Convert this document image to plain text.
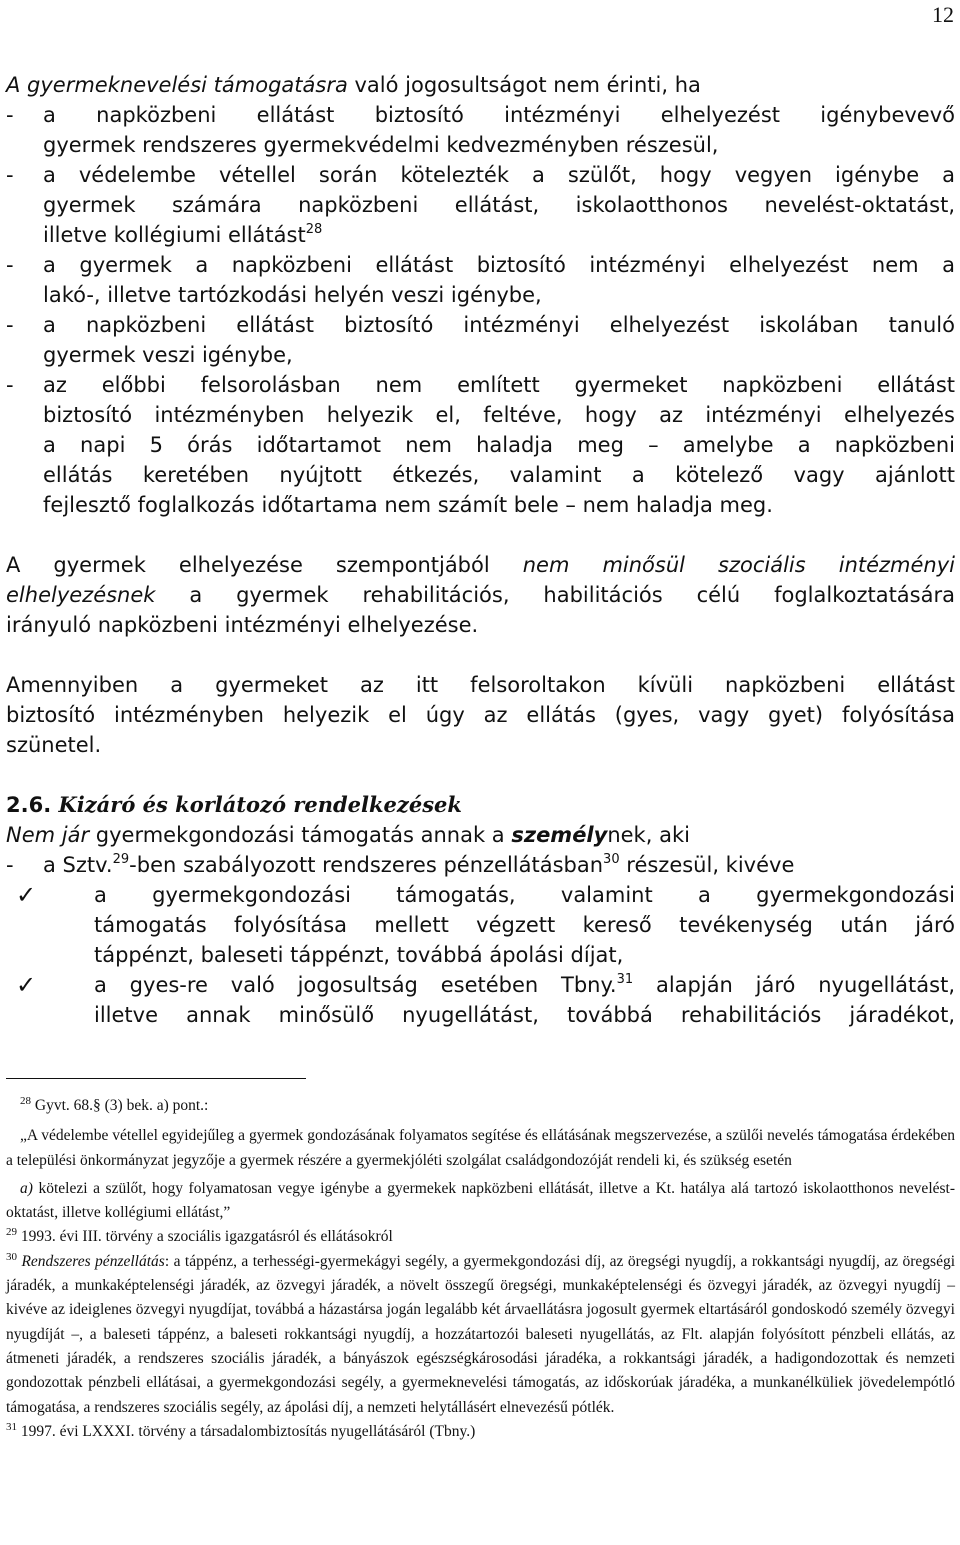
12

A gyermeknevelési támogatásra való jogosultságot nem érinti, ha

-	a napközbeni ellátást biztosító intézményi elhelyezést igénybevevő
gyermek rendszeres gyermekvédelmi kedvezményben részesül,
-	a védelembe vétellel során kötelezték a szülőt, hogy vegyen igénybe a
gyermek számára napközbeni ellátást, iskolaotthonos nevelést-oktatást,
illetve kollégiumi ellátást$^{28}$
-	a gyermek a napközbeni ellátást biztosító intézményi elhelyezést nem a
lakó-, illetve tartózkodási helyén veszi igénybe,
-	a napközbeni ellátást biztosító intézményi elhelyezést iskolában tanuló
gyermek veszi igénybe,
-	az előbbi felsorolásban nem említett gyermeket napközbeni ellátást
biztosító intézményben helyezik el, feltéve, hogy az intézményi elhelyezés
a napi 5 órás időtartamot nem haladja meg – amelybe a napközbeni
ellátás keretében nyújtott étkezés, valamint a kötelező vagy ajánlott
fejlesztő foglalkozás időtartama nem számít bele – nem haladja meg.
A gyermek elhelyezése szempontjából nem minősül szociális intézményi
elhelyezésnek a gyermek rehabilitációs, habilitációs célú foglalkoztatására
irányuló napközbeni intézményi elhelyezése.
Amennyiben a gyermeket az itt felsoroltakon kívüli napközbeni ellátást
biztosító intézményben helyezik el úgy az ellátás (gyes, vagy gyet) folyósítása
szünetel.
2.6. Kizáró és korlátozó rendelkezések
Nem jár gyermekgondozási támogatás annak a személynek, aki
-	a Sztv.$^{29}$-ben szabályozott rendszeres pénzellátásban$^{30}$ részesül, kivéve
✓	a gyermekgondozási támogatás, valamint a gyermekgondozási
támogatás folyósítása mellett végzett kereső tevékenység után járó
táppénzt, baleseti táppénzt, továbbá ápolási díjat,
✓	a gyes-re való jogosultság esetében Tbny.$^{31}$ alapján járó nyugellátást,
illetve annak minősülő nyugellátást, továbbá rehabilitációs járadékot,

$^{28}$ Gyvt. 68.§ (3) bek. a) pont.:

„A védelembe vétellel egyidejűleg a gyermek gondozásának folyamatos segítése és ellátásának megszervezése, a szülői nevelés támogatása érdekében a települési önkormányzat jegyzője a gyermek részére a gyermekjóléti szolgálat családgondozóját rendeli ki, és szükség esetén

a) kötelezi a szülőt, hogy folyamatosan vegye igénybe a gyermekek napközbeni ellátását, illetve a Kt. hatálya alá tartozó iskolaotthonos nevelést-oktatást, illetve kollégiumi ellátást,”

$^{29}$ 1993. évi III. törvény a szociális igazgatásról és ellátásokról

$^{30}$ Rendszeres pénzellátás: a táppénz, a terhességi-gyermekágyi segély, a gyermekgondozási díj, az öregségi nyugdíj, a rokkantsági nyugdíj, az öregségi járadék, a munkaképtelenségi járadék, az özvegyi járadék, a növelt összegű öregségi, munkaképtelenségi és özvegyi járadék, az özvegyi nyugdíj – kivéve az ideiglenes özvegyi nyugdíjat, továbbá a házastársa jogán legalább két árvaellátásra jogosult gyermek eltartásáról gondoskodó személy özvegyi nyugdíját –, a baleseti táppénz, a baleseti rokkantsági nyugdíj, a hozzátartozói baleseti nyugellátás, az Flt. alapján folyósított pénzbeli ellátás, az átmeneti járadék, a rendszeres szociális járadék, a bányászok egészségkárosodási járadéka, a rokkantsági járadék, a hadigondozottak és nemzeti gondozottak pénzbeli ellátásai, a gyermekgondozási segély, a gyermeknevelési támogatás, az időskorúak járadéka, a munkanélküliek jövedelempótló támogatása, a rendszeres szociális segély, az ápolási díj, a nemzeti helytállásért elnevezésű pótlék.

$^{31}$ 1997. évi LXXXI. törvény a társadalombiztosítás nyugellátásáról (Tbny.)
